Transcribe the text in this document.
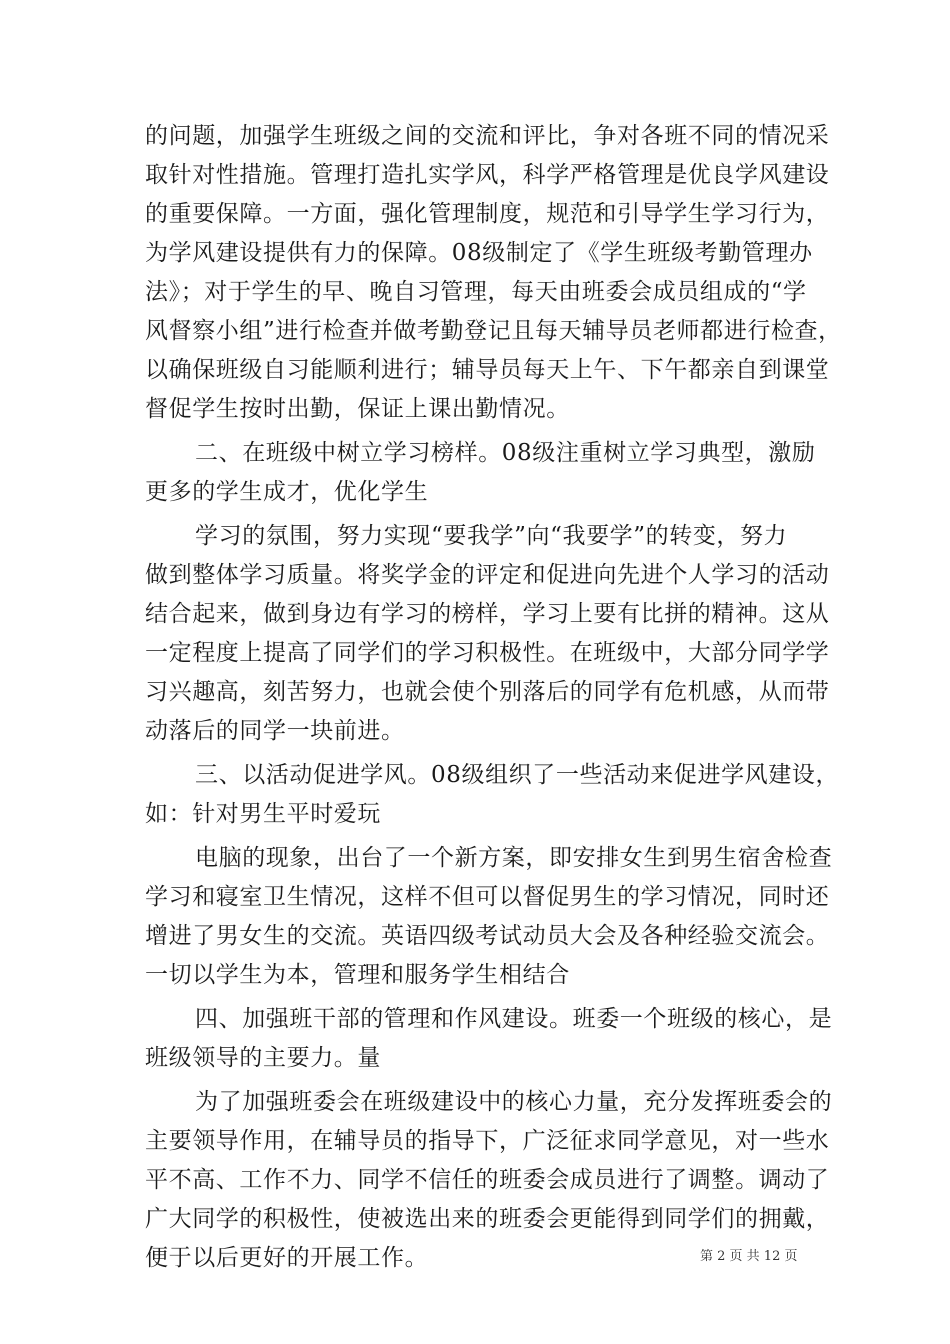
的问题，加强学生班级之间的交流和评比，争对各班不同的情况采
取针对性措施。管理打造扎实学风，科学严格管理是优良学风建设
的重要保障。一方面，强化管理制度，规范和引导学生学习行为，
为学风建设提供有力的保障。08级制定了《学生班级考勤管理办
法》；对于学生的早、晚自习管理，每天由班委会成员组成的“学
风督察小组”进行检查并做考勤登记且每天辅导员老师都进行检查，
以确保班级自习能顺利进行；辅导员每天上午、下午都亲自到课堂
督促学生按时出勤，保证上课出勤情况。
二、在班级中树立学习榜样。08级注重树立学习典型，激励
更多的学生成才，优化学生
学习的氛围，努力实现“要我学”向“我要学”的转变，努力
做到整体学习质量。将奖学金的评定和促进向先进个人学习的活动
结合起来，做到身边有学习的榜样，学习上要有比拼的精神。这从
一定程度上提高了同学们的学习积极性。在班级中，大部分同学学
习兴趣高，刻苦努力，也就会使个别落后的同学有危机感，从而带
动落后的同学一块前进。
三、以活动促进学风。08级组织了一些活动来促进学风建设，
如：针对男生平时爱玩
电脑的现象，出台了一个新方案，即安排女生到男生宿舍检查
学习和寝室卫生情况，这样不但可以督促男生的学习情况，同时还
增进了男女生的交流。英语四级考试动员大会及各种经验交流会。
一切以学生为本，管理和服务学生相结合
四、加强班干部的管理和作风建设。班委一个班级的核心，是
班级领导的主要力。量
为了加强班委会在班级建设中的核心力量，充分发挥班委会的
主要领导作用，在辅导员的指导下，广泛征求同学意见，对一些水
平不高、工作不力、同学不信任的班委会成员进行了调整。调动了
广大同学的积极性，使被选出来的班委会更能得到同学们的拥戴，
便于以后更好的开展工作。	第 2 页 共 12 页
